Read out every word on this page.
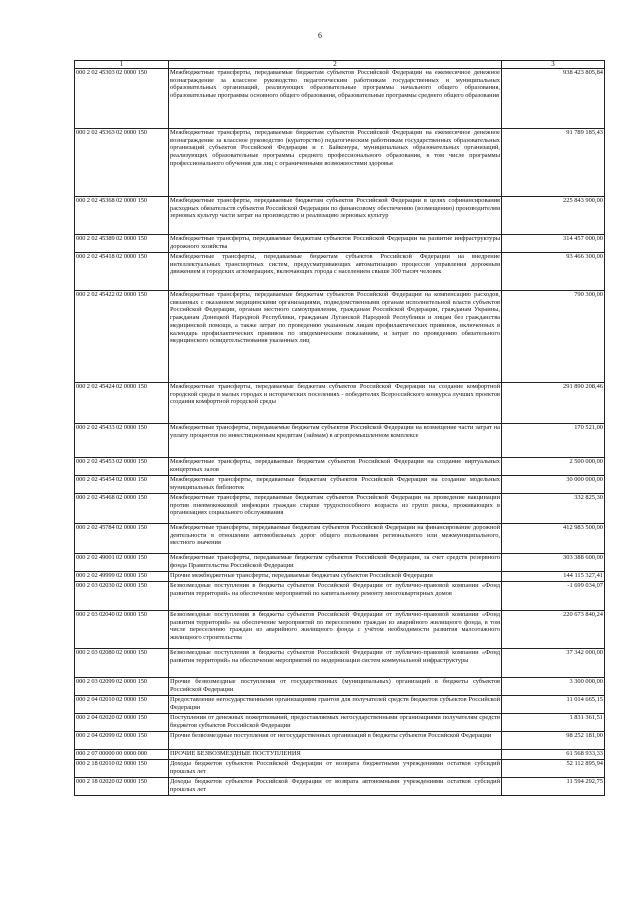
6
1	2	3
000 2 02 45303 02 0000 150	Межбюджетные трансферты, передаваемые бюджетам субъектов Российской Федерации на ежемесячное денежное вознаграждение за классное руководство педагогическим работникам государственных и муниципальных образовательных организаций, реализующих образовательные программы начального общего образования, образовательные программы основного общего образования, образовательные программы среднего общего образования	938 423 805,84
000 2 02 45363 02 0000 150	Межбюджетные трансферты, передаваемые бюджетам субъектов Российской Федерации на ежемесячное денежное вознаграждение за классное руководство (кураторство) педагогическим работникам государственных образовательных организаций субъектов Российской Федерации и г. Байконура, муниципальных образовательных организаций, реализующих образовательные программы среднего профессионального образования, в том числе программы профессионального обучения для лиц с ограниченными возможностями здоровья	91 789 185,43
000 2 02 45368 02 0000 150	Межбюджетные трансферты, передаваемые бюджетам субъектов Российской Федерации в целях софинансирования расходных обязательств субъектов Российской Федерации по финансовому обеспечению (возмещению) производителям зерновых культур части затрат на производство и реализацию зерновых культур	225 843 900,00
000 2 02 45389 02 0000 150	Межбюджетные трансферты, передаваемые бюджетам субъектов Российской Федерации на развитие инфраструктуры дорожного хозяйства	314 457 000,00
000 2 02 45418 02 0000 150	Межбюджетные трансферты, передаваемые бюджетам субъектов Российской Федерации на внедрение интеллектуальных транспортных систем, предусматривающих автоматизацию процессов управления дорожным движением в городских агломерациях, включающих города с населением свыше 300 тысяч человек	93 466 300,00
000 2 02 45422 02 0000 150	Межбюджетные трансферты, передаваемые бюджетам субъектов Российской Федерации на компенсацию расходов, связанных с оказанием медицинскими организациями, подведомственными органам исполнительной власти субъектов Российской Федерации, органам местного самоуправления, гражданам Российской Федерации, гражданам Украины, гражданам Донецкой Народной Республики, гражданам Луганской Народной Республики и лицам без гражданства медицинской помощи, а также затрат по проведению указанным лицам профилактических прививок, включенных в календарь профилактических прививок по эпидемическим показаниям, и затрат по проведению обязательного медицинского освидетельствования указанных лиц	790 300,00
000 2 02 45424 02 0000 150	Межбюджетные трансферты, передаваемые бюджетам субъектов Российской Федерации на создание комфортной городской среды в малых городах и исторических поселениях - победителях Всероссийского конкурса лучших проектов создания комфортной городской среды	291 890 208,46
000 2 02 45433 02 0000 150	Межбюджетные трансферты, передаваемые бюджетам субъектов Российской Федерации на возмещение части затрат на уплату процентов по инвестиционным кредитам (займам) в агропромышленном комплексе	170 521,00
000 2 02 45453 02 0000 150	Межбюджетные трансферты, передаваемые бюджетам субъектов Российской Федерации на создание виртуальных концертных залов	2 500 000,00
000 2 02 45454 02 0000 150	Межбюджетные трансферты, передаваемые бюджетам субъектов Российской Федерации на создание модельных муниципальных библиотек	30 000 000,00
000 2 02 45468 02 0000 150	Межбюджетные трансферты, передаваемые бюджетам субъектов Российской Федерации на проведение вакцинации против пневмококковой инфекции граждан старше трудоспособного возраста из групп риска, проживающих в организациях социального обслуживания	332 825,30
000 2 02 45784 02 0000 150	Межбюджетные трансферты, передаваемые бюджетам субъектов Российской Федерации на финансирование дорожной деятельности в отношении автомобильных дорог общего пользования регионального или межмуниципального, местного значения	412 983 500,00
000 2 02 49001 02 0000 150	Межбюджетные трансферты, передаваемые бюджетам субъектов Российской Федерации, за счет средств резервного фонда Правительства Российской Федерации	303 388 600,00
000 2 02 49999 02 0000 150	Прочие межбюджетные трансферты, передаваемые бюджетам субъектов Российской Федерации	144 115 327,41
000 2 03 02030 02 0000 150	Безвозмездные поступления в бюджеты субъектов Российской Федерации от публично-правовой компании «Фонд развития территорий» на обеспечение мероприятий по капитальному ремонту многоквартирных домов	-1 699 034,07
000 2 03 02040 02 0000 150	Безвозмездные поступления в бюджеты субъектов Российской Федерации от публично-правовой компании «Фонд развития территорий» на обеспечение мероприятий по переселению граждан из аварийного жилищного фонда, в том числе переселению граждан из аварийного жилищного фонда с учётом необходимости развития малоэтажного жилищного строительства	220 673 840,24
000 2 03 02080 02 0000 150	Безвозмездные поступления в бюджеты субъектов Российской Федерации от публично-правовой компании «Фонд развития территорий» на обеспечение мероприятий по модернизации систем коммунальной инфраструктуры	37 342 000,00
000 2 03 02099 02 0000 150	Прочие безвозмездные поступления от государственных (муниципальных) организаций в бюджеты субъектов Российской Федерации	3 300 000,00
000 2 04 02010 02 0000 150	Предоставление негосударственными организациями грантов для получателей средств бюджетов субъектов Российской Федерации	11 014 665,15
000 2 04 02020 02 0000 150	Поступления от денежных пожертвований, предоставляемых негосударственными организациями получателям средств бюджетов субъектов Российской Федерации	1 831 361,51
000 2 04 02099 02 0000 150	Прочие безвозмездные поступления от негосударственных организаций в бюджеты субъектов Российской Федерации	98 252 181,00
000 2 07 00000 00 0000 000	ПРОЧИЕ БЕЗВОЗМЕЗДНЫЕ ПОСТУПЛЕНИЯ	61 568 933,33
000 2 18 02010 02 0000 150	Доходы бюджетов субъектов Российской Федерации от возврата бюджетными учреждениями остатков субсидий прошлых лет	52 112 895,94
000 2 18 02020 02 0000 150	Доходы бюджетов субъектов Российской Федерации от возврата автономными учреждениями остатков субсидий прошлых лет	11 594 292,75
